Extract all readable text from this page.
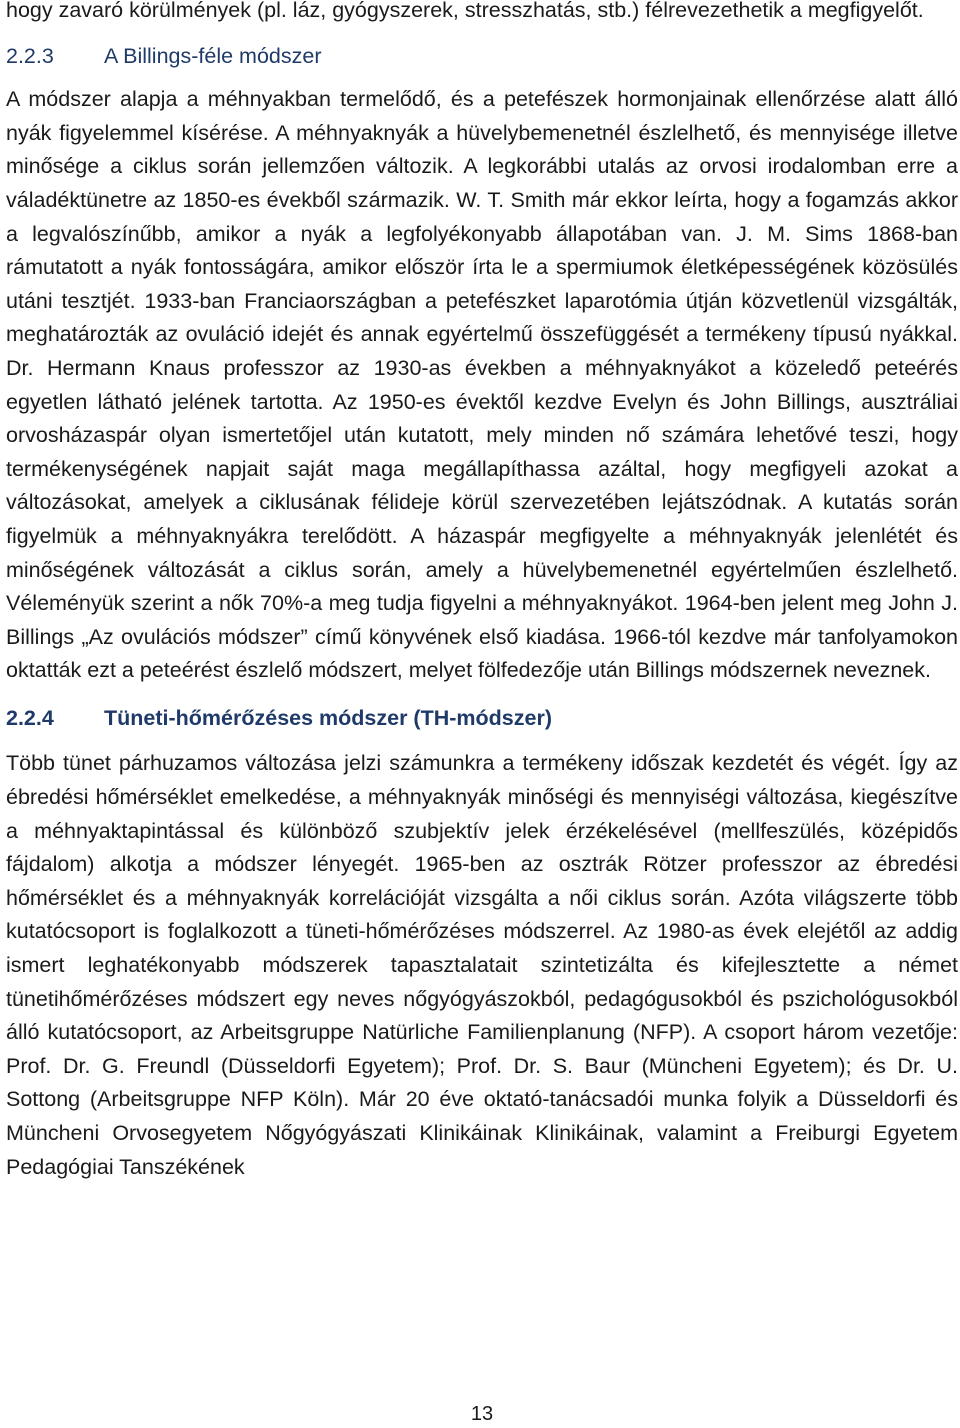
hogy zavaró körülmények (pl. láz, gyógyszerek, stresszhatás, stb.) félrevezethetik a megfigyelőt.

2.2.3	A Billings-féle módszer

A módszer alapja a méhnyakban termelődő, és a petefészek hormonjainak ellenőrzése alatt álló nyák figyelemmel kísérése. A méhnyaknyák a hüvelybemenetnél észlelhető, és mennyisége illetve minősége a ciklus során jellemzően változik. A legkorábbi utalás az orvosi irodalomban erre a váladéktünetre az 1850-es évekből származik. W. T. Smith már ekkor leírta, hogy a fogamzás akkor a legvalószínűbb, amikor a nyák a legfolyékonyabb állapotában van. J. M. Sims 1868-ban rámutatott a nyák fontosságára, amikor először írta le a spermiumok életképességének közösülés utáni tesztjét. 1933-ban Franciaországban a petefészket laparotómia útján közvetlenül vizsgálták, meghatározták az ovuláció idejét és annak egyértelmű összefüggését a termékeny típusú nyákkal. Dr. Hermann Knaus professzor az 1930-as években a méhnyaknyákot a közeledő peteérés egyetlen látható jelének tartotta. Az 1950-es évektől kezdve Evelyn és John Billings, ausztráliai orvosházaspár olyan ismertetőjel után kutatott, mely minden nő számára lehetővé teszi, hogy termékenységének napjait saját maga megállapíthassa azáltal, hogy megfigyeli azokat a változásokat, amelyek a ciklusának félideje körül szervezetében lejátszódnak. A kutatás során figyelmük a méhnyaknyákra terelődött. A házaspár megfigyelte a méhnyaknyák jelenlétét és minőségének változását a ciklus során, amely a hüvelybemenetnél egyértelműen észlelhető. Véleményük szerint a nők 70%-a meg tudja figyelni a méhnyaknyákot. 1964-ben jelent meg John J. Billings „Az ovulációs módszer” című könyvének első kiadása. 1966-tól kezdve már tanfolyamokon oktatták ezt a peteérést észlelő módszert, melyet fölfedezője után Billings módszernek neveznek.

2.2.4	Tüneti-hőmérőzéses módszer (TH-módszer)

Több tünet párhuzamos változása jelzi számunkra a termékeny időszak kezdetét és végét. Így az ébredési hőmérséklet emelkedése, a méhnyaknyák minőségi és mennyiségi változása, kiegészítve a méhnyaktapintással és különböző szubjektív jelek érzékelésével (mellfeszülés, középidős fájdalom) alkotja a módszer lényegét. 1965-ben az osztrák Rötzer professzor az ébredési hőmérséklet és a méhnyaknyák korrelációját vizsgálta a női ciklus során. Azóta világszerte több kutatócsoport is foglalkozott a tüneti-hőmérőzéses módszerrel. Az 1980-as évek elejétől az addig ismert leghatékonyabb módszerek tapasztalatait szintetizálta és kifejlesztette a német tünetihőmérőzéses módszert egy neves nőgyógyászokból, pedagógusokból és pszichológusokból álló kutatócsoport, az Arbeitsgruppe Natürliche Familienplanung (NFP). A csoport három vezetője: Prof. Dr. G. Freundl (Düsseldorfi Egyetem); Prof. Dr. S. Baur (Müncheni Egyetem); és Dr. U. Sottong (Arbeitsgruppe NFP Köln). Már 20 éve oktató-tanácsadói munka folyik a Düsseldorfi és Müncheni Orvosegyetem Nőgyógyászati Klinikáinak Klinikáinak, valamint a Freiburgi Egyetem Pedagógiai Tanszékének

13
